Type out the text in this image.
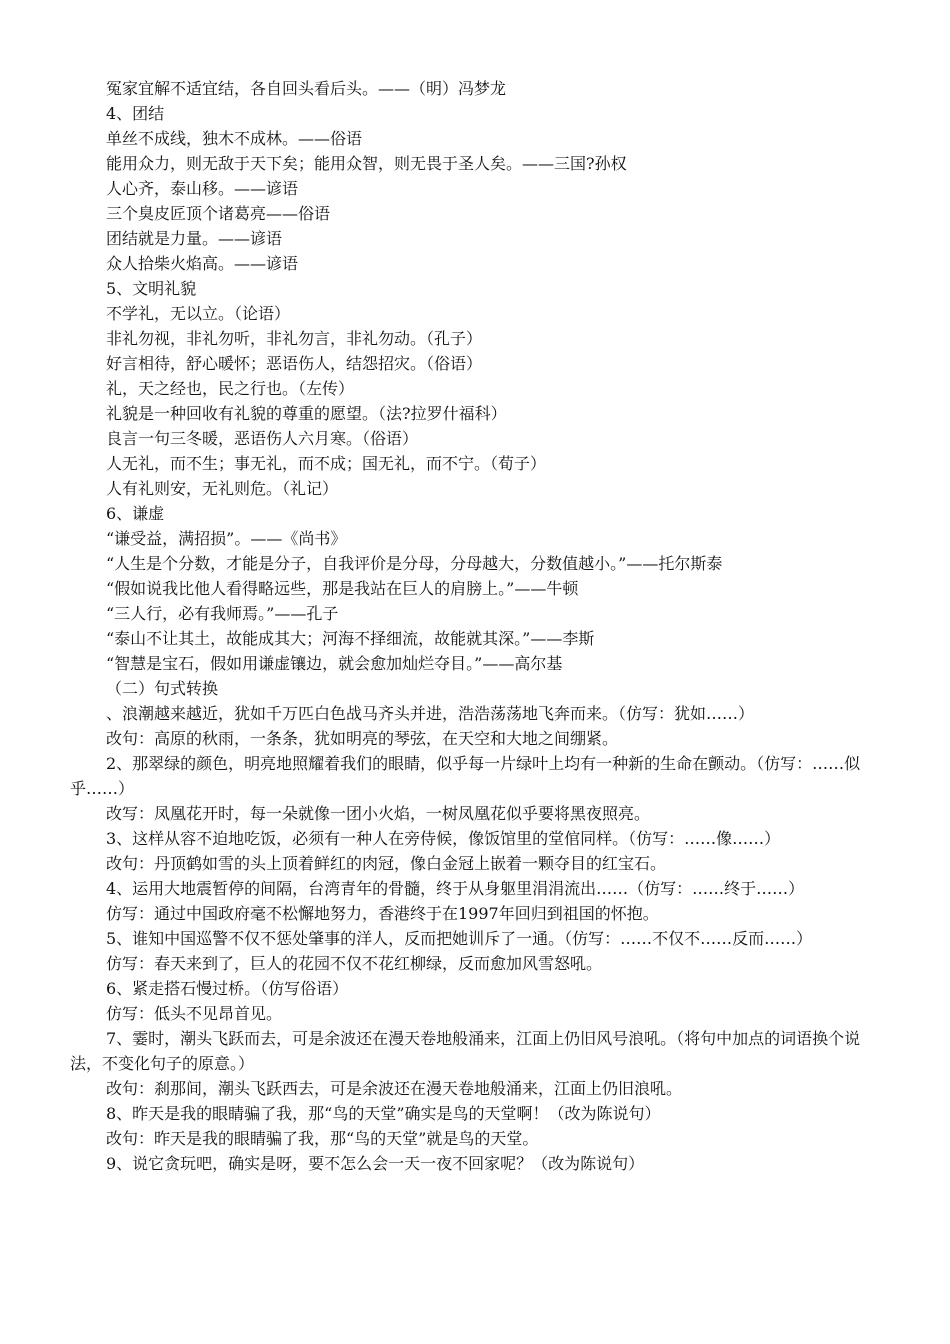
冤家宜解不适宜结，各自回头看后头。——（明）冯梦龙
4、团结
单丝不成线，独木不成林。——俗语
能用众力，则无敌于天下矣；能用众智，则无畏于圣人矣。——三国?孙权
人心齐，泰山移。——谚语
三个臭皮匠顶个诸葛亮——俗语
团结就是力量。——谚语
众人拾柴火焰高。——谚语
5、文明礼貌
不学礼，无以立。（论语）
非礼勿视，非礼勿听，非礼勿言，非礼勿动。（孔子）
好言相待，舒心暖怀；恶语伤人，结怨招灾。（俗语）
礼，天之经也，民之行也。（左传）
礼貌是一种回收有礼貌的尊重的愿望。（法?拉罗什福科）
良言一句三冬暖，恶语伤人六月寒。（俗语）
人无礼，而不生；事无礼，而不成；国无礼，而不宁。（荀子）
人有礼则安，无礼则危。（礼记）
6、谦虚
“谦受益，满招损”。——《尚书》
“人生是个分数，才能是分子，自我评价是分母，分母越大，分数值越小。”——托尔斯泰
“假如说我比他人看得略远些，那是我站在巨人的肩膀上。”——牛顿
“三人行，必有我师焉。”——孔子
“泰山不让其土，故能成其大；河海不择细流，故能就其深。”——李斯
“智慧是宝石，假如用谦虚镶边，就会愈加灿烂夺目。”——高尔基
（二）句式转换
、浪潮越来越近，犹如千万匹白色战马齐头并进，浩浩荡荡地飞奔而来。（仿写：犹如……）
改句：高原的秋雨，一条条，犹如明亮的琴弦，在天空和大地之间绷紧。
2、那翠绿的颜色，明亮地照耀着我们的眼睛，似乎每一片绿叶上均有一种新的生命在颤动。（仿写：……似乎……）
改写：凤凰花开时，每一朵就像一团小火焰，一树凤凰花似乎要将黑夜照亮。
3、这样从容不迫地吃饭，必须有一种人在旁侍候，像饭馆里的堂倌同样。（仿写：……像……）
改句：丹顶鹤如雪的头上顶着鲜红的肉冠，像白金冠上嵌着一颗夺目的红宝石。
4、运用大地震暂停的间隔，台湾青年的骨髓，终于从身躯里涓涓流出……（仿写：……终于……）
仿写：通过中国政府毫不松懈地努力，香港终于在1997年回归到祖国的怀抱。
5、谁知中国巡警不仅不惩处肇事的洋人，反而把她训斥了一通。（仿写：……不仅不……反而……）
仿写：春天来到了，巨人的花园不仅不花红柳绿，反而愈加风雪怒吼。
6、紧走搭石慢过桥。（仿写俗语）
仿写：低头不见昂首见。
7、霎时，潮头飞跃而去，可是余波还在漫天卷地般涌来，江面上仍旧风号浪吼。（将句中加点的词语换个说法，不变化句子的原意。）
改句：刹那间，潮头飞跃西去，可是余波还在漫天卷地般涌来，江面上仍旧浪吼。
8、昨天是我的眼睛骗了我，那“鸟的天堂”确实是鸟的天堂啊！（改为陈说句）
改句：昨天是我的眼睛骗了我，那“鸟的天堂”就是鸟的天堂。
9、说它贪玩吧，确实是呀，要不怎么会一天一夜不回家呢？（改为陈说句）
